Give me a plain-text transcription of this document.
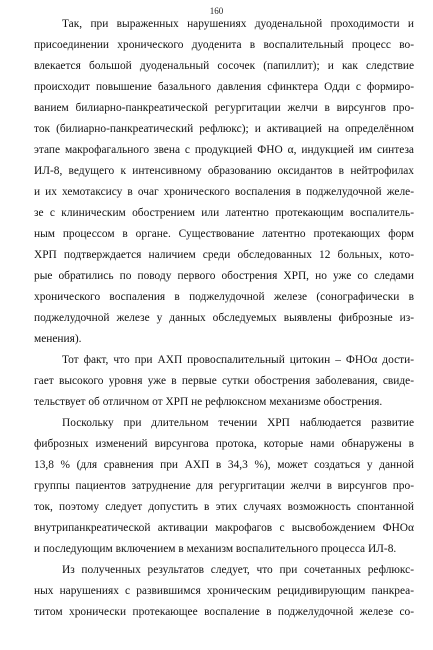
160
Так, при выраженных нарушениях дуоденальной проходимости и
присоединении хронического дуоденита в воспалительный процесс во-
влекается большой дуоденальный сосочек (папиллит); и как следствие
происходит повышение базального давления сфинктера Одди с формиро-
ванием билиарно-панкреатической регургитации желчи в вирсунгов про-
ток (билиарно-панкреатический рефлюкс); и активацией на определённом
этапе макрофагального звена с продукцией ФНО α, индукцией им синтеза
ИЛ-8, ведущего к интенсивному образованию оксидантов в нейтрофилах
и их хемотаксису в очаг хронического воспаления в поджелудочной желе-
зе с клиническим обострением или латентно протекающим воспалитель-
ным процессом в органе. Существование латентно протекающих форм
ХРП подтверждается наличием среди обследованных 12 больных, кото-
рые обратились по поводу первого обострения ХРП, но уже со следами
хронического воспаления в поджелудочной железе (сонографически в
поджелудочной железе у данных обследуемых выявлены фиброзные из-
менения).
Тот факт, что при АХП провоспалительный цитокин – ФНОα дости-
гает высокого уровня уже в первые сутки обострения заболевания, свиде-
тельствует об отличном от ХРП не рефлюксном механизме обострения.
Поскольку при длительном течении ХРП наблюдается развитие
фиброзных изменений вирсунгова протока, которые нами обнаружены в
13,8 % (для сравнения при АХП в 34,3 %), может создаться у данной
группы пациентов затруднение для регургитации желчи в вирсунгов про-
ток, поэтому следует допустить в этих случаях возможность спонтанной
внутрипанкреатической активации макрофагов с высвобождением ФНОα
и последующим включением в механизм воспалительного процесса ИЛ-8.
Из полученных результатов следует, что при сочетанных рефлюкс-
ных нарушениях с развившимся хроническим рецидивирующим панкреа-
титом хронически протекающее воспаление в поджелудочной железе со-
